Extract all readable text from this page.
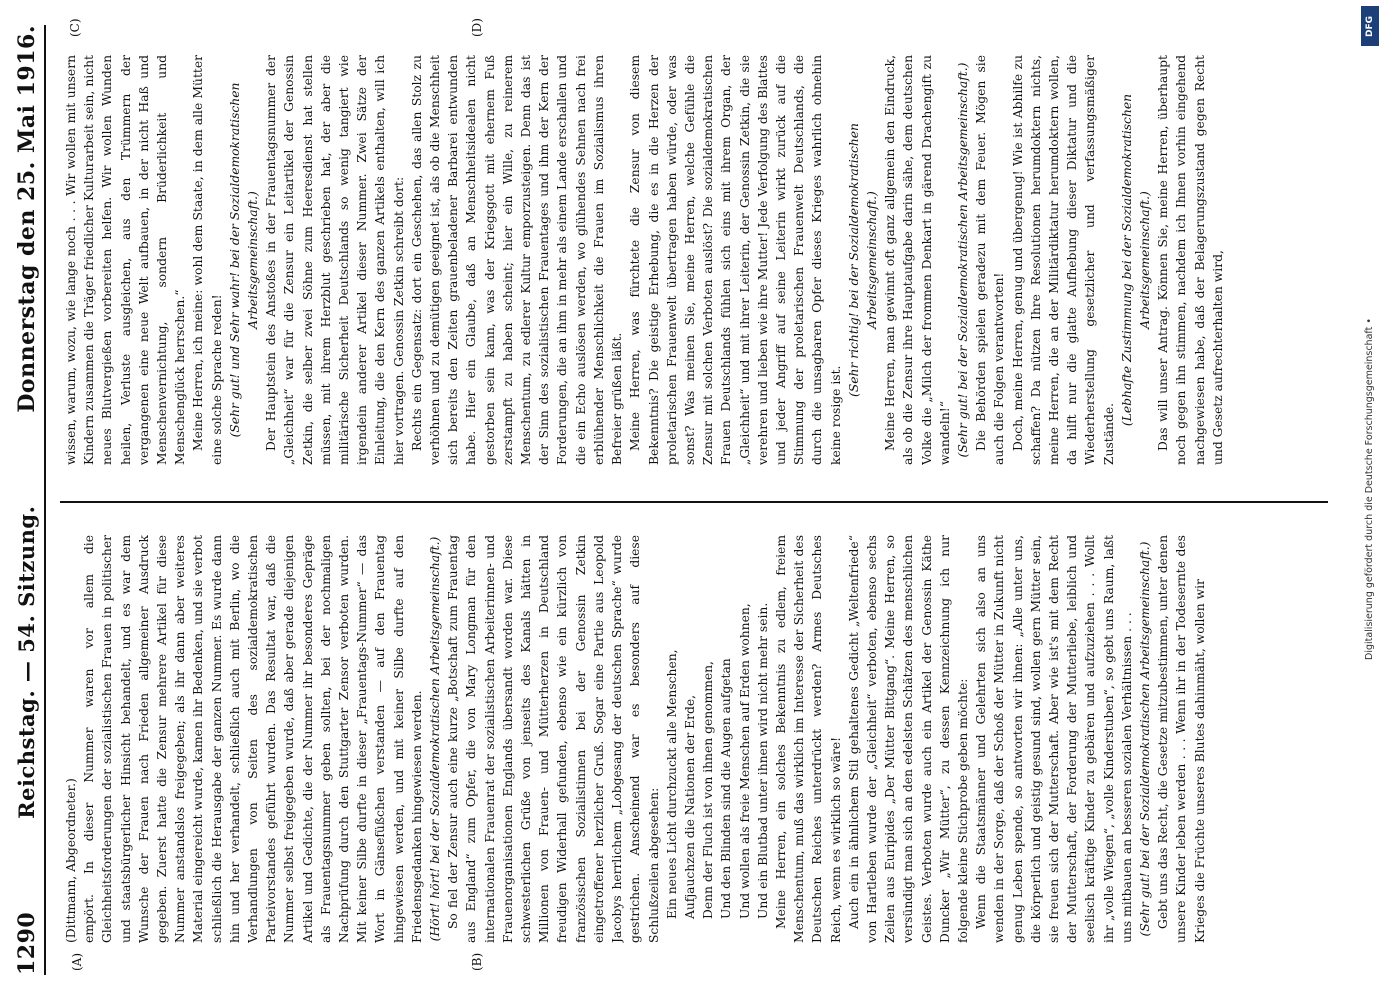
1290
Reichstag. — 54. Sitzung.
Donnerstag den 25. Mai 1916.
(A)	(B)
(C)	(D)

(Dittmann, Abgeordneter.) empört. In dieser Nummer waren vor allem die Gleichheitsforderungen der sozialistischen Frauen in politischer und staatsbürgerlicher Hinsicht behandelt, und es war dem Wunsche der Frauen nach Frieden allgemeiner Ausdruck gegeben. Zuerst hatte die Zensur mehrere Artikel für diese Nummer anstandslos freigegeben; als ihr dann aber weiteres Material eingereicht wurde, kamen ihr Bedenken, und sie verbot schließlich die Herausgabe der ganzen Nummer. Es wurde dann hin und her verhandelt, schließlich auch mit Berlin, wo die Verhandlungen von Seiten des sozialdemokratischen Parteivorstandes geführt wurden. Das Resultat war, daß die Nummer selbst freigegeben wurde, daß aber gerade diejenigen Artikel und Gedichte, die der Nummer ihr besonderes Gepräge als Frauentagsnummer geben sollten, bei der nochmaligen Nachprüfung durch den Stuttgarter Zensor verboten wurden. Mit keiner Silbe durfte in dieser „Frauentags-Nummer“ — das Wort in Gänsefüßchen verstanden — auf den Frauentag hingewiesen werden, und mit keiner Silbe durfte auf den Friedensgedanken hingewiesen werden. (Hört! hört! bei der Sozialdemokratischen Arbeitsgemeinschaft.) So fiel der Zensur auch eine kurze „Botschaft zum Frauentag aus England“ zum Opfer, die von Mary Longman für den internationalen Frauenrat der sozialistischen Arbeiterinnen- und Frauenorganisationen Englands übersandt worden war. Diese schwesterlichen Grüße von jenseits des Kanals hätten in Millionen von Frauen- und Mütterherzen in Deutschland freudigen Widerhall gefunden, ebenso wie ein kürzlich von französischen Sozialistinnen bei der Genossin Zetkin eingetroffener herzlicher Gruß. Sogar eine Partie aus Leopold Jacobys herrlichem „Lobgesang der deutschen Sprache“ wurde gestrichen. Anscheinend war es besonders auf diese Schlußzeilen abgesehen: Ein neues Licht durchzuckt alle Menschen, Aufjauchzen die Nationen der Erde, Denn der Fluch ist von ihnen genommen, Und den Blinden sind die Augen aufgetan Und wollen als freie Menschen auf Erden wohnen, Und ein Blutbad unter ihnen wird nicht mehr sein. Meine Herren, ein solches Bekenntnis zu edlem, freiem Menschentum, muß das wirklich im Interesse der Sicherheit des Deutschen Reiches unterdrückt werden? Armes Deutsches Reich, wenn es wirklich so wäre! Auch ein in ähnlichem Stil gehaltenes Gedicht „Weltenfriede“ von Hartleben wurde der „Gleichheit“ verboten, ebenso sechs Zeilen aus Euripides „Der Mütter Bittgang“. Meine Herren, so versündigt man sich an den edelsten Schätzen des menschlichen Geistes. Verboten wurde auch ein Artikel der Genossin Käthe Duncker „Wir Mütter“, zu dessen Kennzeichnung ich nur folgende kleine Stichprobe geben möchte: Wenn die Staatsmänner und Gelehrten sich also an uns wenden in der Sorge, daß der Schoß der Mütter in Zukunft nicht genug Leben spende, so antworten wir ihnen: „Alle unter uns, die körperlich und geistig gesund sind, wollen gern Mütter sein, sie freuen sich der Mutterschaft. Aber wie ist's mit dem Recht der Mutterschaft, der Forderung der Mutterliebe, leiblich und seelisch kräftige Kinder zu gebären und aufzuziehen . . . Wollt ihr „volle Wiegen“, „volle Kinderstuben“, so gebt uns Raum, laßt uns mitbauen an besseren sozialen Verhältnissen . . . (Sehr gut! bei der Sozialdemokratischen Arbeitsgemeinschaft.) Gebt uns das Recht, die Gesetze mitzubestimmen, unter denen unsere Kinder leben werden . . . Wenn ihr in der Todesernte des Krieges die Früchte unseres Blutes dahinmäht, wollen wir

wissen, warum, wozu, wie lange noch . . . Wir wollen mit unsern Kindern zusammen die Träger friedlicher Kulturarbeit sein, nicht neues Blutvergießen vorbereiten helfen. Wir wollen Wunden heilen, Verluste ausgleichen, aus den Trümmern der vergangenen eine neue Welt aufbauen, in der nicht Haß und Menschenvernichtung, sondern Brüderlichkeit und Menschenglück herrschen.“ Meine Herren, ich meine: wohl dem Staate, in dem alle Mütter eine solche Sprache reden! (Sehr gut! und Sehr wahr! bei der Sozialdemokratischen Arbeitsgemeinschaft.) Der Hauptstein des Anstoßes in der Frauentagsnummer der „Gleichheit“ war für die Zensur ein Leitartikel der Genossin Zetkin, die selber zwei Söhne zum Heeresdienst hat stellen müssen, mit ihrem Herzblut geschrieben hat, der aber die militärische Sicherheit Deutschlands so wenig tangiert wie irgendein anderer Artikel dieser Nummer. Zwei Sätze der Einleitung, die den Kern des ganzen Artikels enthalten, will ich hier vortragen. Genossin Zetkin schreibt dort: Rechts ein Gegensatz: dort ein Geschehen, das allen Stolz zu verhöhnen und zu demütigen geeignet ist, als ob die Menschheit sich bereits den Zeiten grauenbeladener Barbarei entwunden habe. Hier ein Glaube, daß an Menschheitsidealen nicht gestorben sein kann, was der Kriegsgott mit ehernem Fuß zerstampft zu haben scheint; hier ein Wille, zu reinerem Menschentum, zu edlerer Kultur emporzusteigen. Denn das ist der Sinn des sozialistischen Frauentages und ihm der Kern der Forderungen, die an ihm in mehr als einem Lande erschallen und die ein Echo auslösen werden, wo glühendes Sehnen nach frei erblühender Menschlichkeit die Frauen im Sozialismus ihren Befreier grüßen läßt. Meine Herren, was fürchtete die Zensur von diesem Bekenntnis? Die geistige Erhebung, die es in die Herzen der proletarischen Frauenwelt übertragen haben würde, oder was sonst? Was meinen Sie, meine Herren, welche Gefühle die Zensur mit solchen Verboten auslöst? Die sozialdemokratischen Frauen Deutschlands fühlen sich eins mit ihrem Organ, der „Gleichheit“ und mit ihrer Leiterin, der Genossin Zetkin, die sie verehren und lieben wie ihre Mutter! Jede Verfolgung des Blattes und jeder Angriff auf seine Leiterin wirkt zurück auf die Stimmung der proletarischen Frauenwelt Deutschlands, die durch die unsagbaren Opfer dieses Krieges wahrlich ohnehin keine rosige ist.

(Sehr richtig! bei der Sozialdemokratischen Arbeitsgemeinschaft.) Meine Herren, man gewinnt oft ganz allgemein den Eindruck, als ob die Zensur ihre Hauptaufgabe darin sähe, dem deutschen Volke die „Milch der frommen Denkart in gärend Drachengift zu wandeln!“ (Sehr gut! bei der Sozialdemokratischen Arbeitsgemeinschaft.) Die Behörden spielen geradezu mit dem Feuer. Mögen sie auch die Folgen verantworten! Doch, meine Herren, genug und übergenug! Wie ist Abhilfe zu schaffen? Da nützen Ihre Resolutionen herumdoktern nichts, meine Herren, die an der Militärdiktatur herumdoktern wollen, da hilft nur die glatte Aufhebung dieser Diktatur und die Wiederherstellung gesetzlicher und verfassungsmäßiger Zustände.

(Lebhafte Zustimmung bei der Sozialdemokratischen Arbeitsgemeinschaft.) Das will unser Antrag. Können Sie, meine Herren, überhaupt noch gegen ihn stimmen, nachdem ich Ihnen vorhin eingehend nachgewiesen habe, daß der Belagerungszustand gegen Recht und Gesetz aufrechterhalten wird,	Digitalisierung gefördert durch die Deutsche Forschungsgemeinschaft •
DFG
